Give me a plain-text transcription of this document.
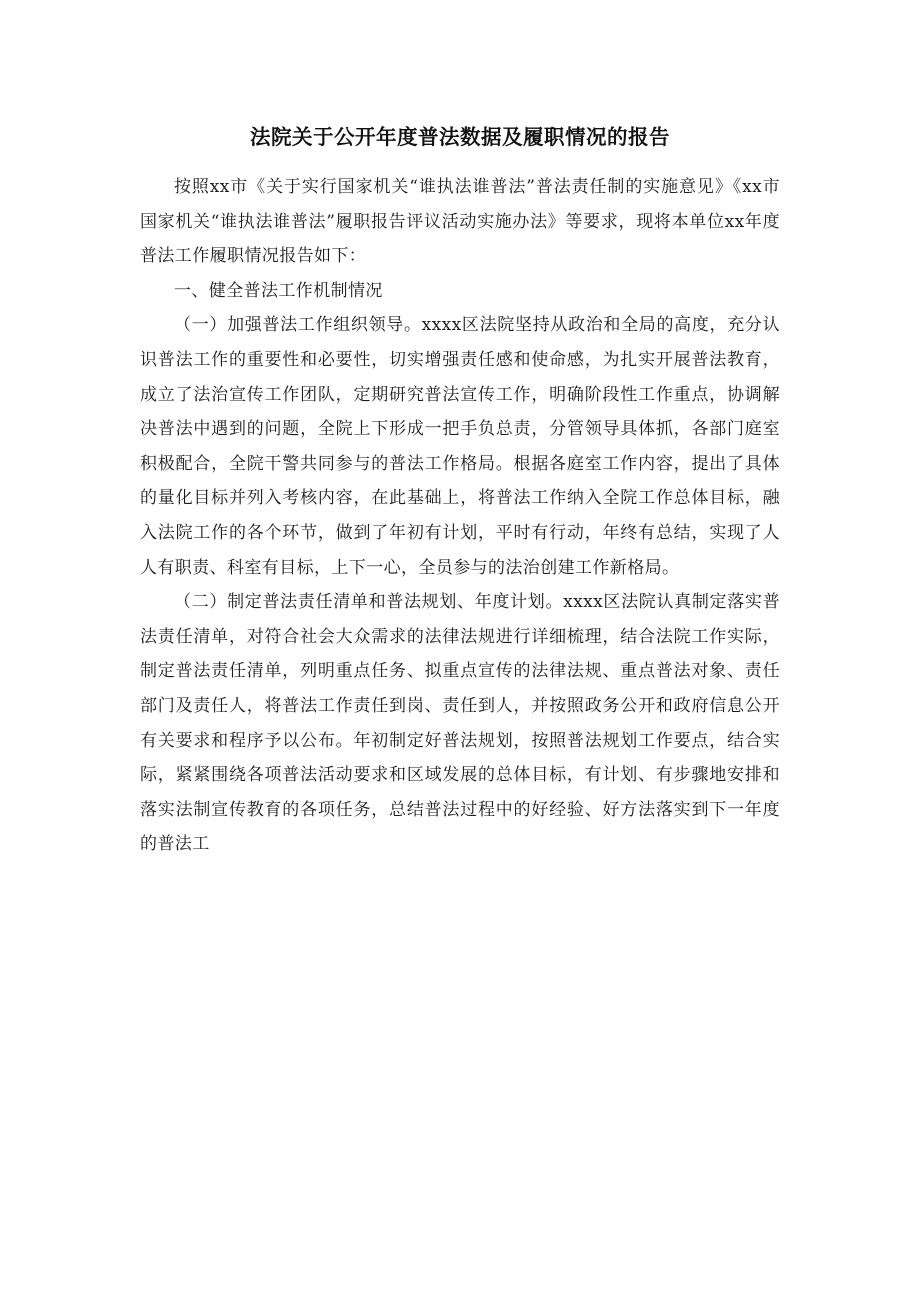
法院关于公开年度普法数据及履职情况的报告

按照xx市《关于实行国家机关“谁执法谁普法”普法责任制的实施意见》《xx市国家机关“谁执法谁普法”履职报告评议活动实施办法》等要求，现将本单位xx年度普法工作履职情况报告如下：

一、健全普法工作机制情况

（一）加强普法工作组织领导。xxxx区法院坚持从政治和全局的高度，充分认识普法工作的重要性和必要性，切实增强责任感和使命感，为扎实开展普法教育，成立了法治宣传工作团队，定期研究普法宣传工作，明确阶段性工作重点，协调解决普法中遇到的问题，全院上下形成一把手负总责，分管领导具体抓，各部门庭室积极配合，全院干警共同参与的普法工作格局。根据各庭室工作内容，提出了具体的量化目标并列入考核内容，在此基础上，将普法工作纳入全院工作总体目标，融入法院工作的各个环节，做到了年初有计划，平时有行动，年终有总结，实现了人人有职责、科室有目标，上下一心，全员参与的法治创建工作新格局。

（二）制定普法责任清单和普法规划、年度计划。xxxx区法院认真制定落实普法责任清单，对符合社会大众需求的法律法规进行详细梳理，结合法院工作实际，制定普法责任清单，列明重点任务、拟重点宣传的法律法规、重点普法对象、责任部门及责任人，将普法工作责任到岗、责任到人，并按照政务公开和政府信息公开有关要求和程序予以公布。年初制定好普法规划，按照普法规划工作要点，结合实际，紧紧围绕各项普法活动要求和区域发展的总体目标，有计划、有步骤地安排和落实法制宣传教育的各项任务，总结普法过程中的好经验、好方法落实到下一年度的普法工
